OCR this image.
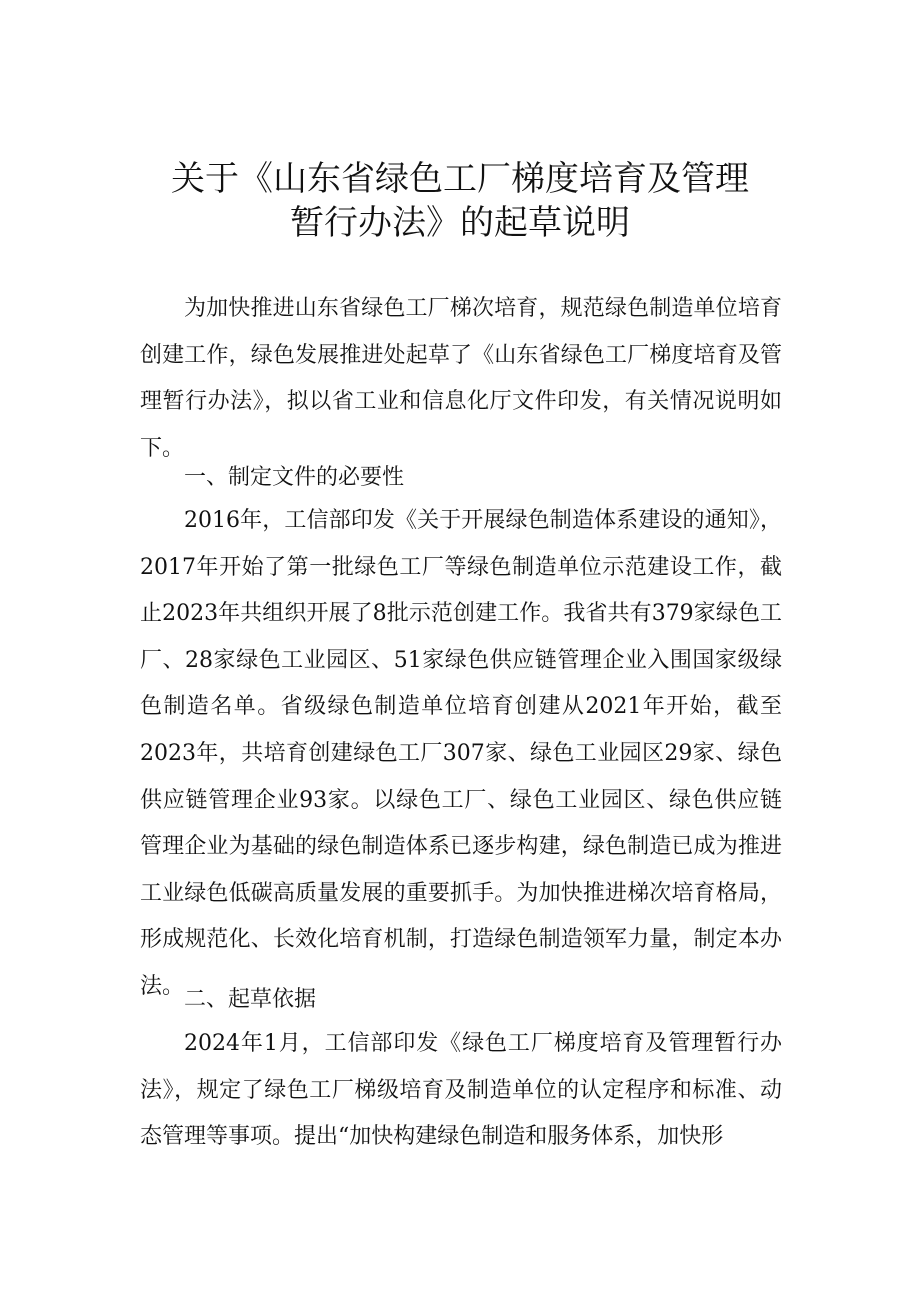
关于《山东省绿色工厂梯度培育及管理
暂行办法》的起草说明

为加快推进山东省绿色工厂梯次培育，规范绿色制造单位培育创建工作，绿色发展推进处起草了《山东省绿色工厂梯度培育及管理暂行办法》，拟以省工业和信息化厅文件印发，有关情况说明如下。

一、制定文件的必要性

2016年，工信部印发《关于开展绿色制造体系建设的通知》，2017年开始了第一批绿色工厂等绿色制造单位示范建设工作，截止2023年共组织开展了8批示范创建工作。我省共有379家绿色工厂、28家绿色工业园区、51家绿色供应链管理企业入围国家级绿色制造名单。省级绿色制造单位培育创建从2021年开始，截至2023年，共培育创建绿色工厂307家、绿色工业园区29家、绿色供应链管理企业93家。以绿色工厂、绿色工业园区、绿色供应链管理企业为基础的绿色制造体系已逐步构建，绿色制造已成为推进工业绿色低碳高质量发展的重要抓手。为加快推进梯次培育格局，形成规范化、长效化培育机制，打造绿色制造领军力量，制定本办法。

二、起草依据

2024年1月，工信部印发《绿色工厂梯度培育及管理暂行办法》，规定了绿色工厂梯级培育及制造单位的认定程序和标准、动态管理等事项。提出“加快构建绿色制造和服务体系，加快形
